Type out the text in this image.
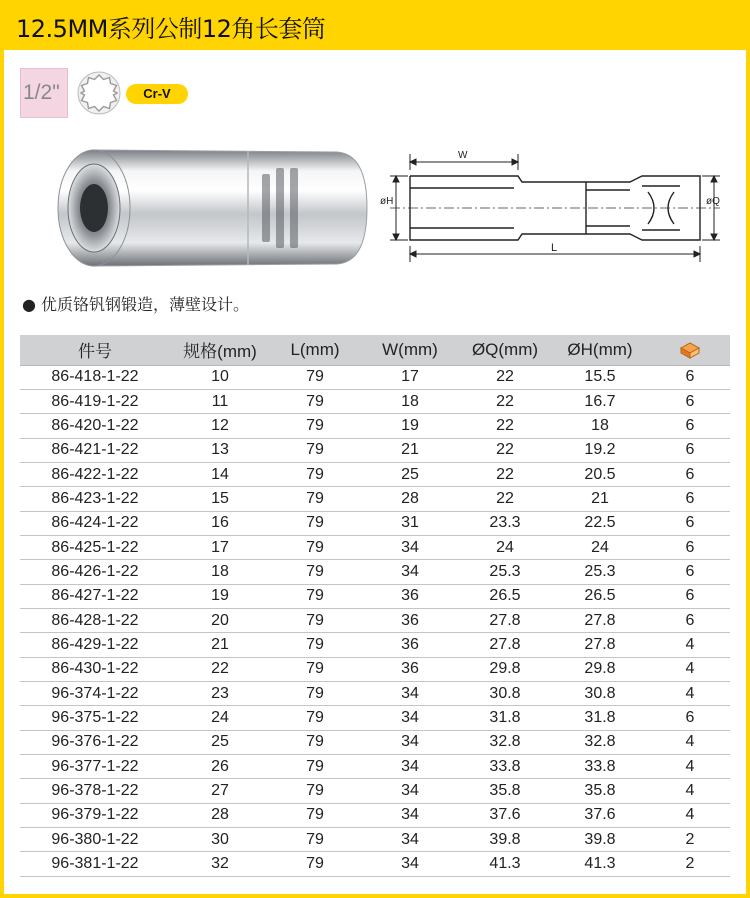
12.5MM系列公制12角长套筒
1/2"	Cr-V
W
L
øH	øQ
● 优质铬钒钢锻造，薄壁设计。
件号	规格(mm)	L(mm)	W(mm)	ØQ(mm)	ØH(mm)	
86-418-1-22	10	79	17	22	15.5	6
86-419-1-22	11	79	18	22	16.7	6
86-420-1-22	12	79	19	22	18	6
86-421-1-22	13	79	21	22	19.2	6
86-422-1-22	14	79	25	22	20.5	6
86-423-1-22	15	79	28	22	21	6
86-424-1-22	16	79	31	23.3	22.5	6
86-425-1-22	17	79	34	24	24	6
86-426-1-22	18	79	34	25.3	25.3	6
86-427-1-22	19	79	36	26.5	26.5	6
86-428-1-22	20	79	36	27.8	27.8	6
86-429-1-22	21	79	36	27.8	27.8	4
86-430-1-22	22	79	36	29.8	29.8	4
96-374-1-22	23	79	34	30.8	30.8	4
96-375-1-22	24	79	34	31.8	31.8	6
96-376-1-22	25	79	34	32.8	32.8	4
96-377-1-22	26	79	34	33.8	33.8	4
96-378-1-22	27	79	34	35.8	35.8	4
96-379-1-22	28	79	34	37.6	37.6	4
96-380-1-22	30	79	34	39.8	39.8	2
96-381-1-22	32	79	34	41.3	41.3	2
